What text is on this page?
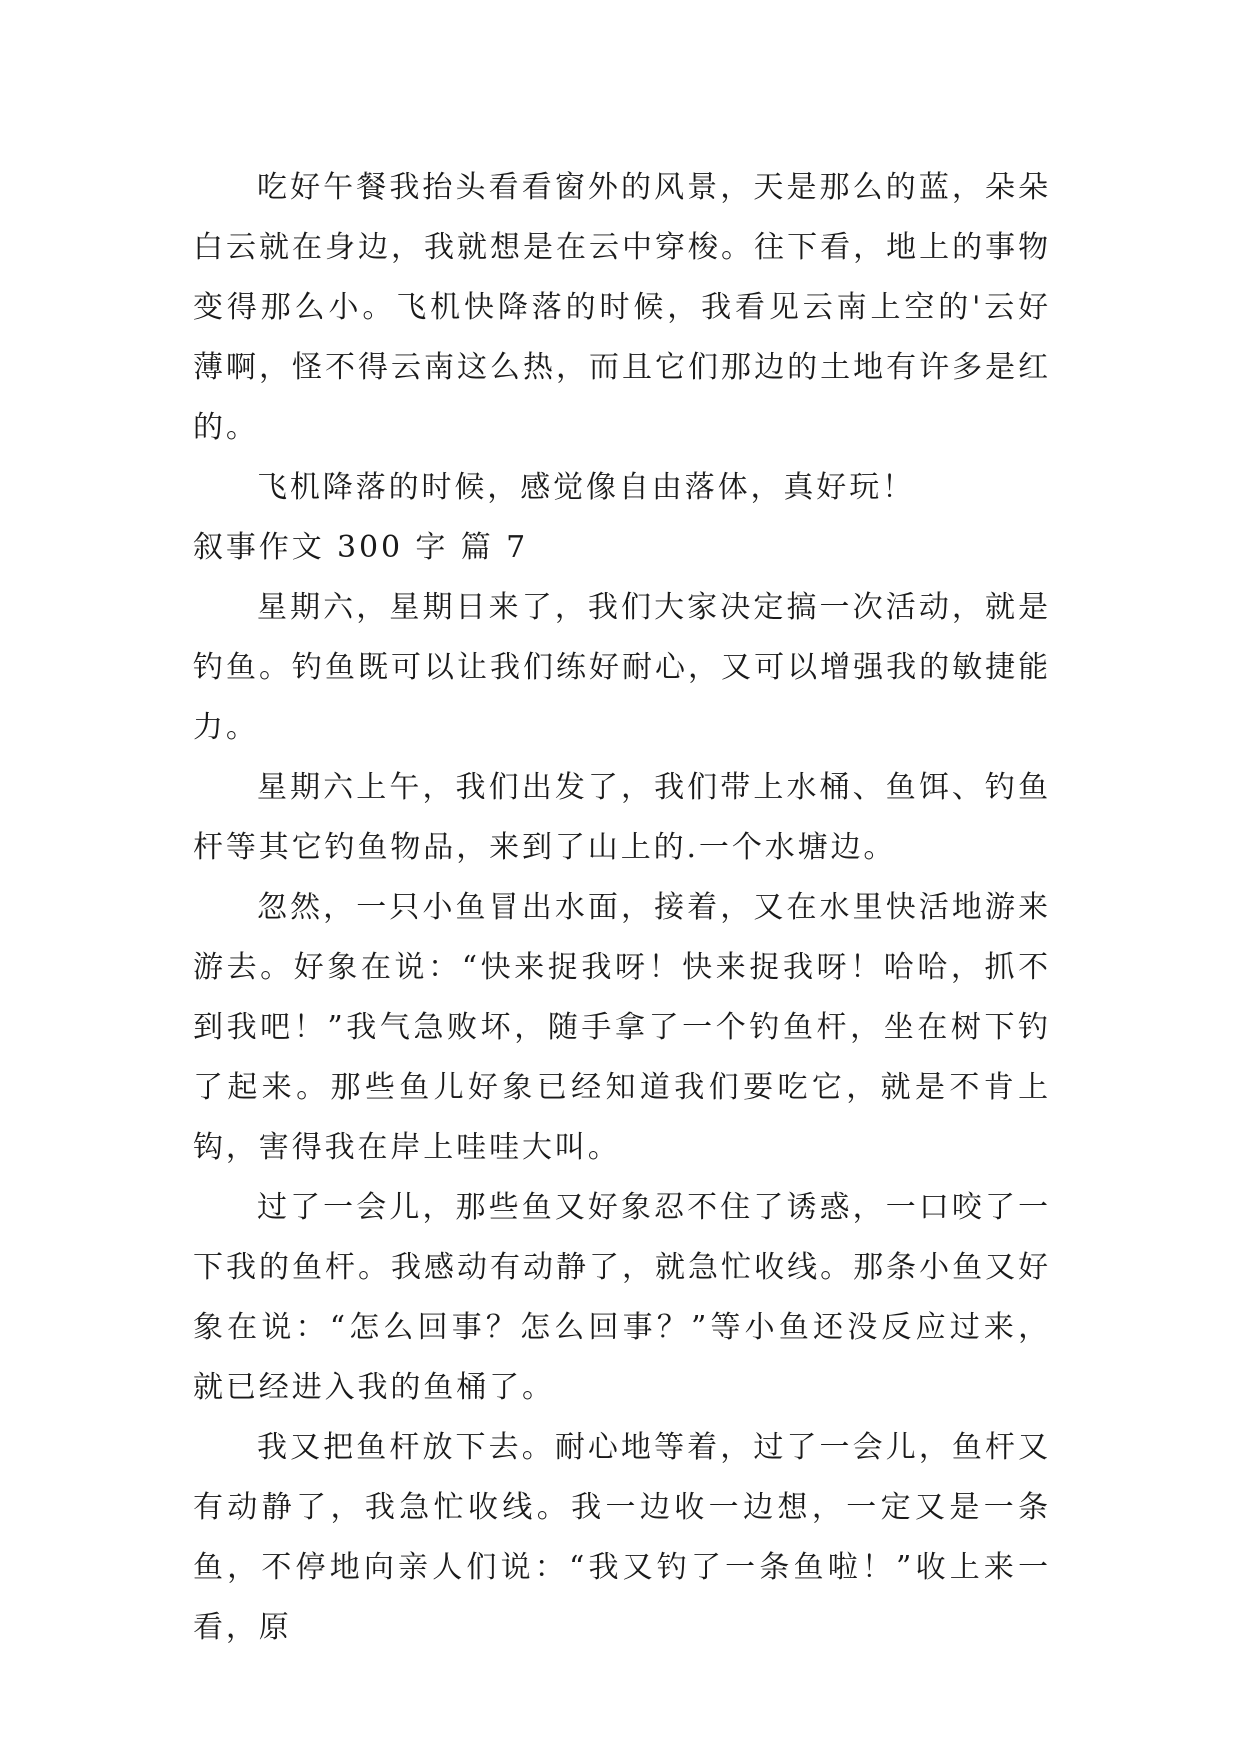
吃好午餐我抬头看看窗外的风景，天是那么的蓝，朵朵白云就在身边，我就想是在云中穿梭。往下看，地上的事物变得那么小。飞机快降落的时候，我看见云南上空的'云好薄啊，怪不得云南这么热，而且它们那边的土地有许多是红的。

飞机降落的时候，感觉像自由落体，真好玩！

叙事作文 300 字 篇 7

星期六，星期日来了，我们大家决定搞一次活动，就是钓鱼。钓鱼既可以让我们练好耐心，又可以增强我的敏捷能力。

星期六上午，我们出发了，我们带上水桶、鱼饵、钓鱼杆等其它钓鱼物品，来到了山上的.一个水塘边。

忽然，一只小鱼冒出水面，接着，又在水里快活地游来游去。好象在说：“快来捉我呀！快来捉我呀！哈哈，抓不到我吧！”我气急败坏，随手拿了一个钓鱼杆，坐在树下钓了起来。那些鱼儿好象已经知道我们要吃它，就是不肯上钩，害得我在岸上哇哇大叫。

过了一会儿，那些鱼又好象忍不住了诱惑，一口咬了一下我的鱼杆。我感动有动静了，就急忙收线。那条小鱼又好象在说：“怎么回事？怎么回事？”等小鱼还没反应过来，就已经进入我的鱼桶了。

我又把鱼杆放下去。耐心地等着，过了一会儿，鱼杆又有动静了，我急忙收线。我一边收一边想，一定又是一条鱼，不停地向亲人们说：“我又钓了一条鱼啦！”收上来一看，原
